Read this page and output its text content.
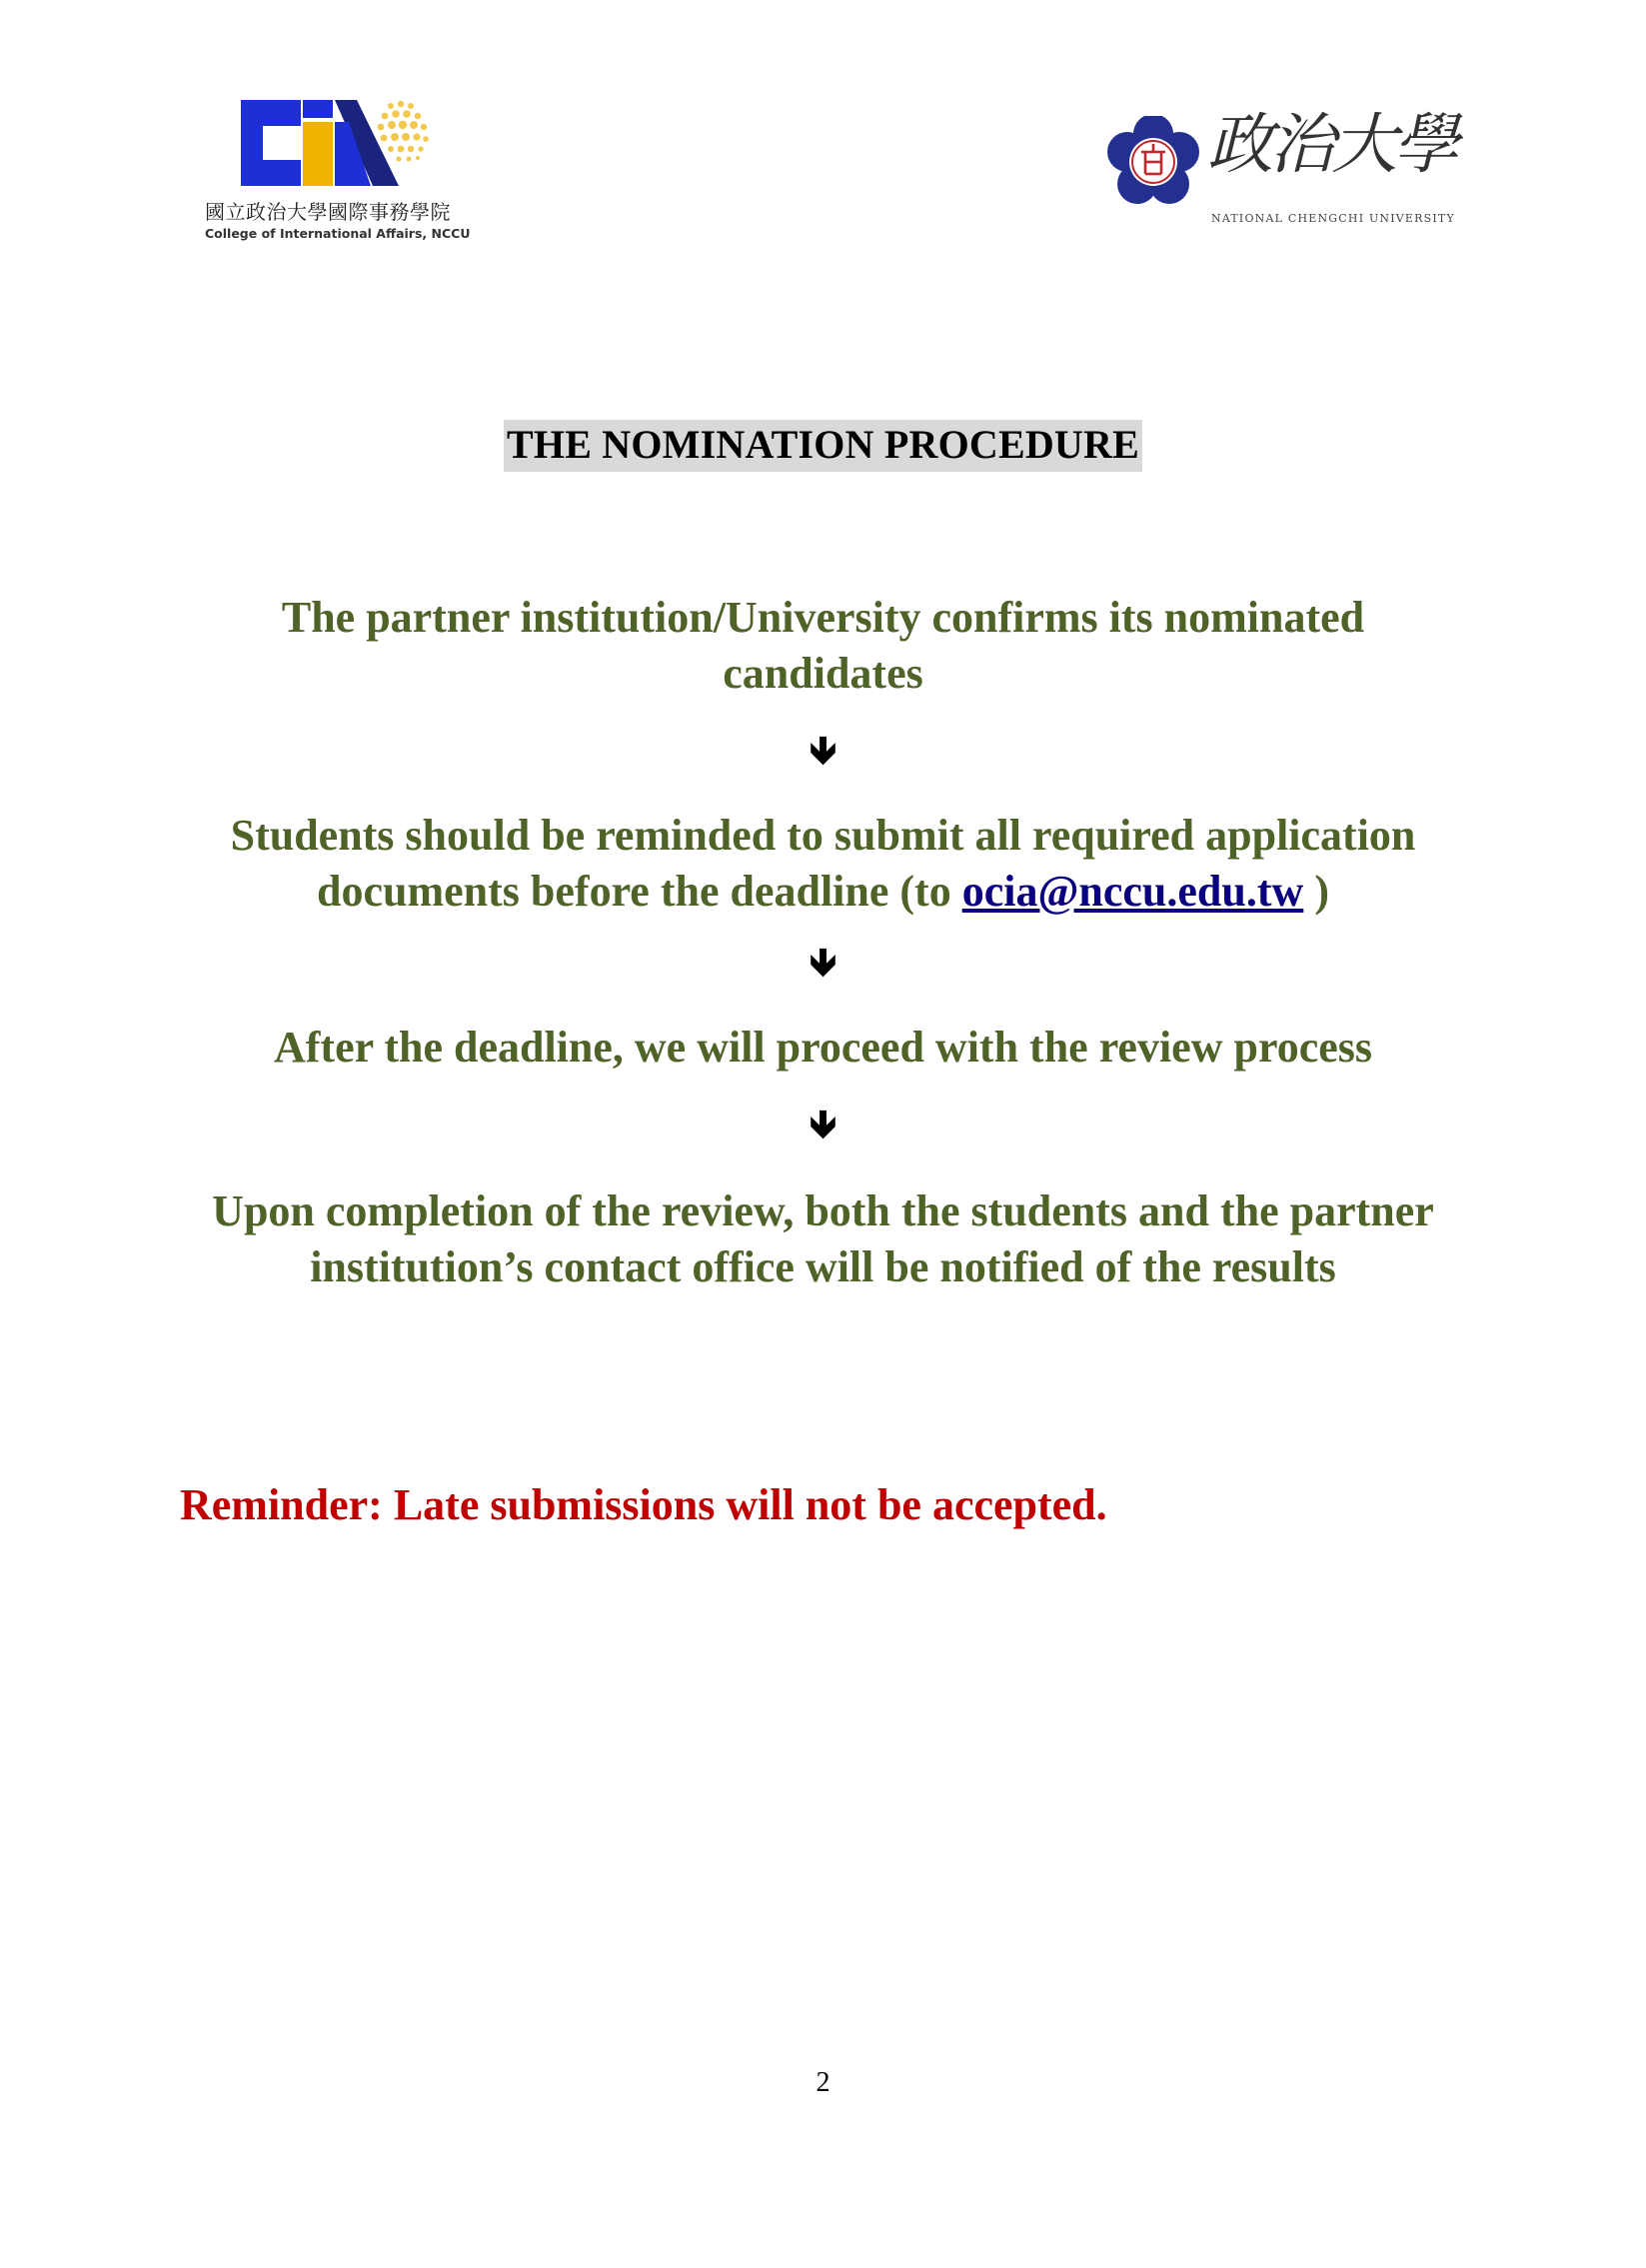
國立政治大學國際事務學院
College of International Affairs, NCCU
政治大學
NATIONAL CHENGCHI UNIVERSITY
THE NOMINATION PROCEDURE
The partner institution/University confirms its nominated
candidates
🡻
Students should be reminded to submit all required application
documents before the deadline (to ocia@nccu.edu.tw )
🡻
After the deadline, we will proceed with the review process
🡻
Upon completion of the review, both the students and the partner
institution’s contact office will be notified of the results
Reminder: Late submissions will not be accepted.
2
